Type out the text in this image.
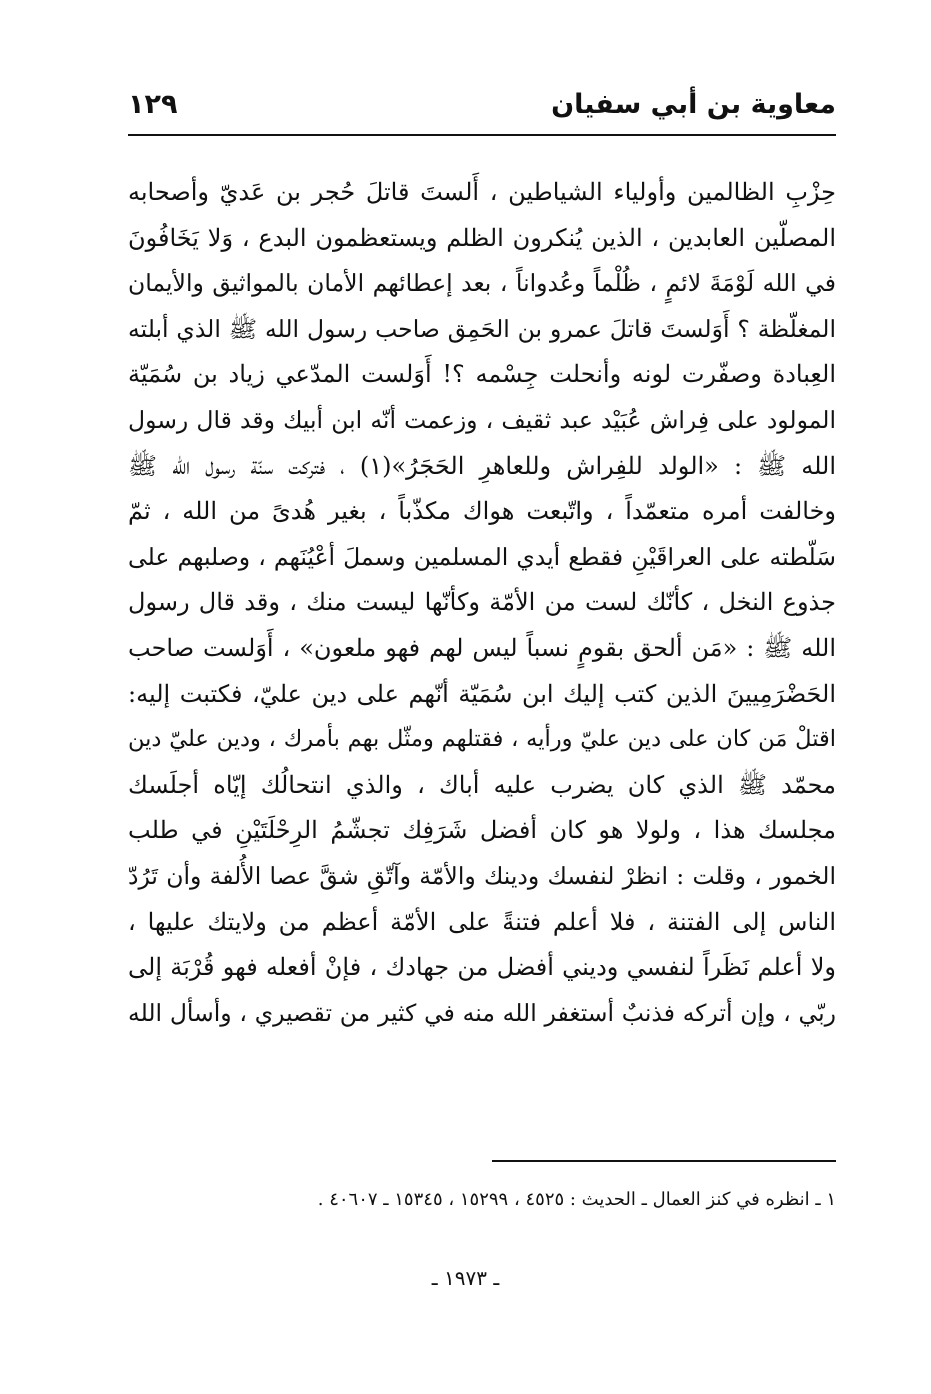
معاوية بن أبي سفيان
١٢٩
حِزْبِ الظالمين وأولياء الشياطين ، أَلستَ قاتلَ حُجر بن عَديّ وأصحابه
المصلّين العابدين ، الذين يُنكرون الظلم ويستعظمون البدع ، وَلا يَخَافُونَ
في الله لَوْمَةَ لائمٍ ، ظُلْماً وعُدواناً ، بعد إعطائهم الأمان بالمواثيق والأيمان
المغلّظة ؟ أَوَلستَ قاتلَ عمرو بن الحَمِق صاحب رسول الله ﷺ الذي أبلته
العِبادة وصفّرت لونه وأنحلت جِسْمه ؟! أَوَلست المدّعي زياد بن سُمَيّة
المولود على فِراش عُبَيْد عبد ثقيف ، وزعمت أنّه ابن أبيك وقد قال رسول
الله ﷺ : «الولد للفِراش وللعاهرِ الحَجَرُ»(١) ، فتركت سنّة رسول الله ﷺ
وخالفت أمره متعمّداً ، واتّبعت هواك مكذّباً ، بغير هُدىً من الله ، ثمّ
سَلّطته على العراقَيْنِ فقطع أيدي المسلمين وسملَ أعْيُنَهم ، وصلبهم على
جذوع النخل ، كأنّك لست من الأمّة وكأنّها ليست منك ، وقد قال رسول
الله ﷺ : «مَن ألحق بقومٍ نسباً ليس لهم فهو ملعون» ، أَوَلست صاحب
الحَضْرَمِيينَ الذين كتب إليك ابن سُمَيّة أنّهم على دين عليّ، فكتبت إليه:
اقتلْ مَن كان على دين عليّ ورأيه ، فقتلهم ومثّل بهم بأمرك ، ودين عليّ دين
محمّد ﷺ الذي كان يضرب عليه أباك ، والذي انتحالُك إيّاه أجلَسك
مجلسك هذا ، ولولا هو كان أفضل شَرَفِك تجشّمُ الرِحْلَتَيْنِ في طلب
الخمور ، وقلت : انظرْ لنفسك ودينك والأمّة وآتّقِ شقَّ عصا الأُلفة وأن تَرُدّ
الناس إلى الفتنة ، فلا أعلم فتنةً على الأمّة أعظم من ولايتك عليها ،
ولا أعلم نَظَراً لنفسي وديني أفضل من جهادك ، فإنْ أفعله فهو قُرْبَة إلى
ربّي ، وإن أتركه فذنبٌ أستغفر الله منه في كثير من تقصيري ، وأسأل الله
١ ـ انظره في كنز العمال ـ الحديث : ٤٥٢٥ ، ١٥٢٩٩ ، ١٥٣٤٥ ـ ٤٠٦٠٧ .
ـ ١٩٧٣ ـ
